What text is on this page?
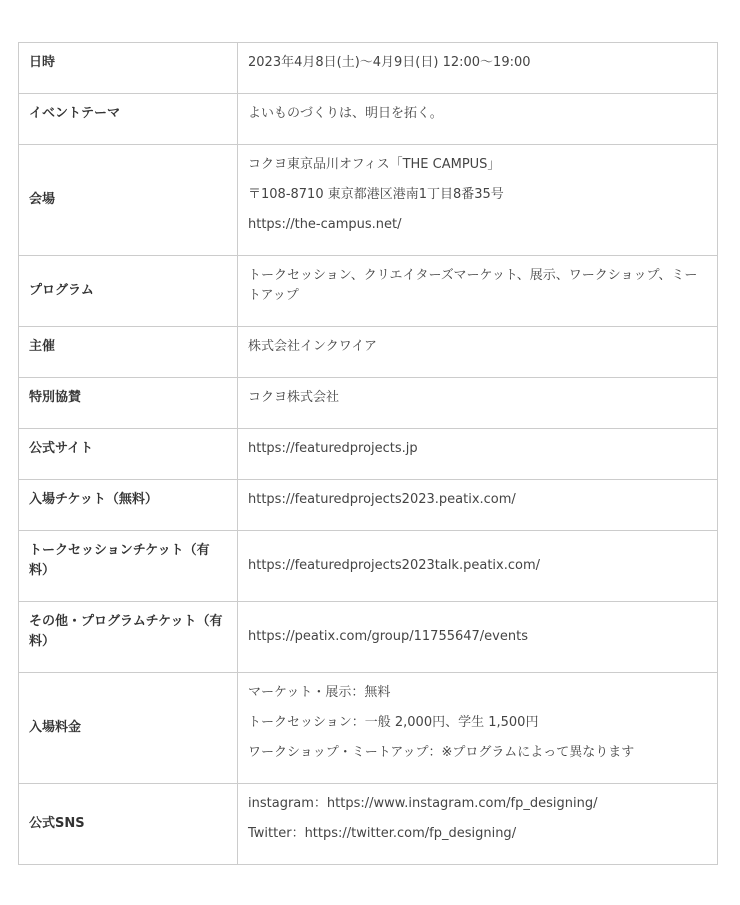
日時	2023年4月8日(土)〜4月9日(日) 12:00〜19:00

イベントテーマ	よいものづくりは、明日を拓く。

会場	コクヨ東京品川オフィス「THE CAMPUS」

〒108-8710 東京都港区港南1丁目8番35号

https://the-campus.net/

プログラム	トークセッション、クリエイターズマーケット、展示、ワークショップ、ミートアップ

主催	株式会社インクワイア

特別協賛	コクヨ株式会社

公式サイト	https://featuredprojects.jp

入場チケット（無料）	https://featuredprojects2023.peatix.com/

トークセッションチケット（有料）	https://featuredprojects2023talk.peatix.com/

その他・プログラムチケット（有料）	https://peatix.com/group/11755647/events

入場料金	マーケット・展示：無料

トークセッション：一般 2,000円、学生 1,500円

ワークショップ・ミートアップ：※プログラムによって異なります

公式SNS	instagram：https://www.instagram.com/fp_designing/

Twitter：https://twitter.com/fp_designing/
